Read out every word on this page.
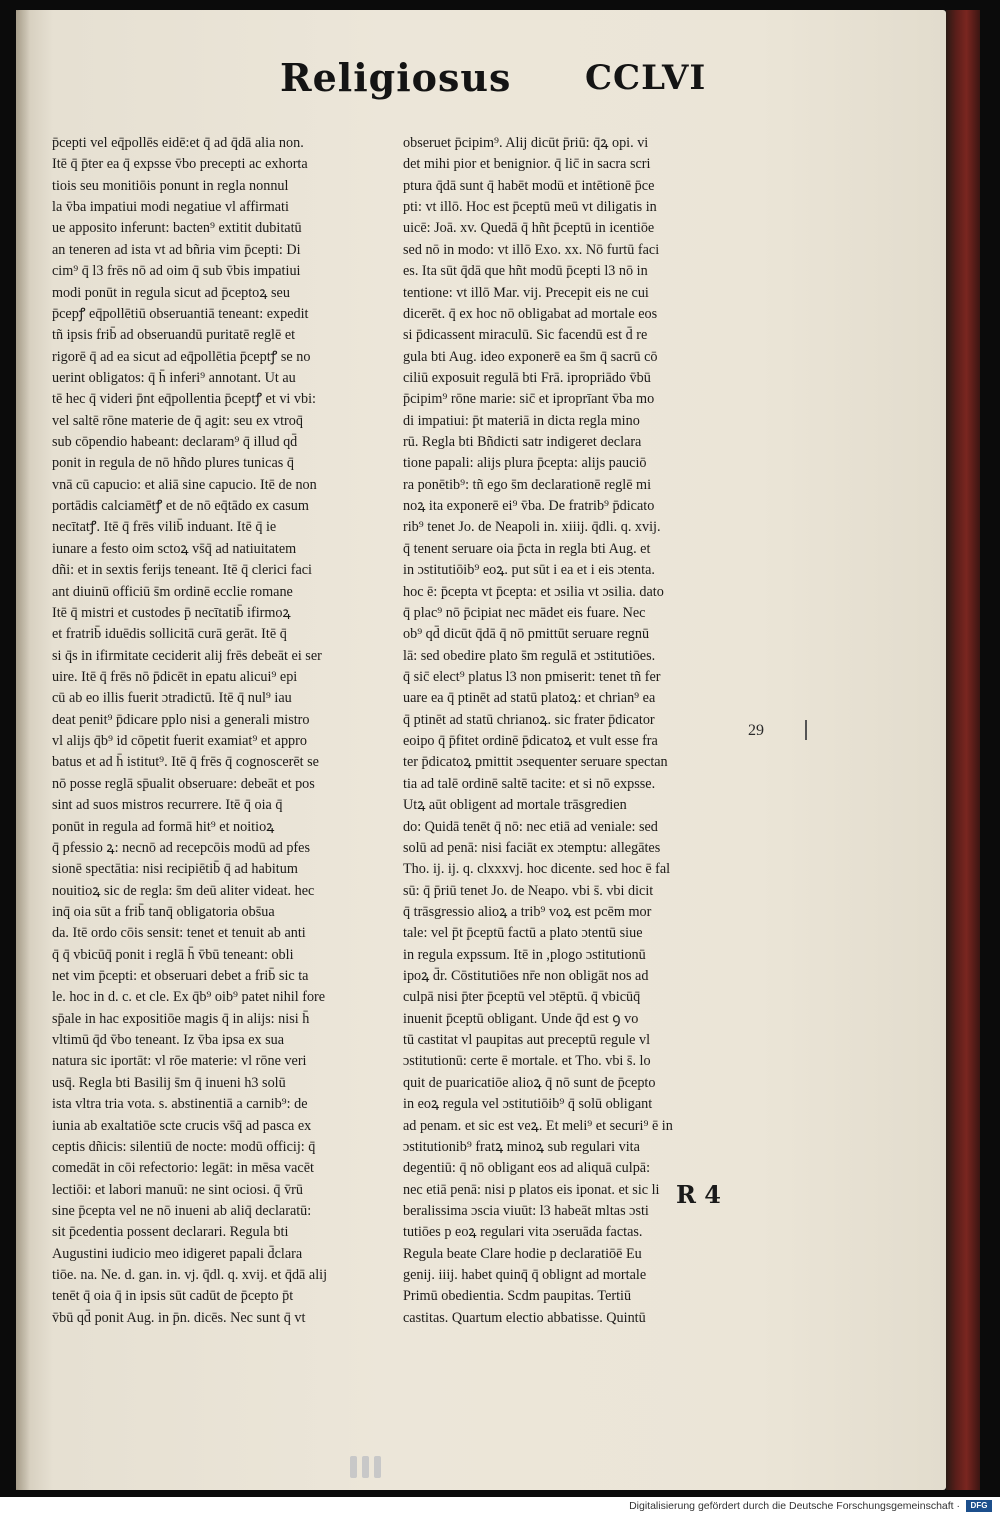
Religiosus CCLVI
p̄cepti vel eq̄pollēs eidē:et q̄ ad q̄dā alia non.
Itē q̄ p̄ter ea q̄ expsse v̄bo precepti ac exhorta
tiois seu monitiōis ponunt in regla nonnul
la v̄ba impatiui modi negatiue vl affirmati
ue apposito inferunt: bacten⁹ extitit dubitatū
an teneren ad ista vt ad bñria vim p̄cepti: Di
cim⁹ q̄ l3 frēs nō ad oim q̄ sub v̄bis impatiui
modi ponūt in regula sicut ad p̄ceptoꝝ seu
p̄cepꝭ eq̄pollētiū obseruantiā teneant: expedit
tñ ipsis frib̄ ad obseruandū puritatē reglē et
rigorē q̄ ad ea sicut ad eq̄pollētia p̄ceptꝭ se no
uerint obligatos: q̄ h̄ inferi⁹ annotant. Ut au
tē hec q̄ videri p̄nt eq̄pollentia p̄ceptꝭ et vi vbi:
vel saltē rōne materie de q̄ agit: seu ex vtroq̄
sub cōpendio habeant: declaram⁹ q̄ illud qd̄
ponit in regula de nō hñdo plures tunicas q̄
vnā cū capucio: et aliā sine capucio. Itē de non
portādis calciamētꝭ et de nō eq̄tādo ex casum
necītatꝭ. Itē q̄ frēs vilib̄ induant. Itē q̄ ie
iunare a festo oim sctoꝝ vs̄q̄ ad natiuitatem
dñi: et in sextis ferijs teneant. Itē q̄ clerici faci
ant diuinū officiū s̄m ordinē ecclie romane
Itē q̄ mistri et custodes p̄ necītatib̄ ifirmoꝝ
et fratrib̄ iduēdis sollicitā curā gerāt. Itē q̄
si q̄s in ifirmitate ceciderit alij frēs debeāt ei ser
uire. Itē q̄ frēs nō p̄dicēt in epatu alicui⁹ epi
cū ab eo illis fuerit ɔtradictū. Itē q̄ nul⁹ iau
deat penit⁹ p̄dicare pplo nisi a generali mistro
vl alijs q̄b⁹ id cōpetit fuerit examiat⁹ et appro
batus et ad h̄ istitut⁹. Itē q̄ frēs q̄ cognoscerēt se
nō posse reglā sp̄ualit obseruare: debeāt et pos
sint ad suos mistros recurrere. Itē q̄ oia q̄
ponūt in regula ad formā hit⁹ et noitioꝝ
q̄ pfessio ꝝ: necnō ad recepcōis modū ad pfes
sionē spectātia: nisi recipiētib̄ q̄ ad habitum
nouitioꝝ sic de regla: s̄m deū aliter videat. hec
inq̄ oia sūt a frib̄ tanq̄ obligatoria obs̄ua
da. Itē ordo cōis sensit: tenet et tenuit ab anti
q̄ q̄ vbicūq̄ ponit i reglā h̄ v̄bū teneant: obli
net vim p̄cepti: et obseruari debet a frib̄ sic ta
le. hoc in d. c. et cle. Ex q̄b⁹ oib⁹ patet nihil fore
sp̄ale in hac expositiōe magis q̄ in alijs: nisi h̄
vltimū q̄d v̄bo teneant. Iz v̄ba ipsa ex sua
natura sic iportāt: vl rōe materie: vl rōne veri
usq̄. Regla bti Basilij s̄m q̄ inueni h3 solū
ista vltra tria vota. s. abstinentiā a carnib⁹: de
iunia ab exaltatiōe scte crucis vs̄q̄ ad pasca ex
ceptis dñicis: silentiū de nocte: modū officij: q̄
comedāt in cōi refectorio: legāt: in mēsa vacēt
lectiōi: et labori manuū: ne sint ociosi. q̄ v̄rū
sine p̄cepta vel ne nō inueni ab aliq̄ declaratū:
sit p̄cedentia possent declarari. Regula bti
Augustini iudicio meo idigeret papali d̄clara
tiōe. na. Ne. d. gan. in. vj. q̄dl. q. xvij. et q̄dā alij
tenēt q̄ oia q̄ in ipsis sūt cadūt de p̄cepto p̄t
v̄bū qd̄ ponit Aug. in p̄n. dicēs. Nec sunt q̄ vt
obseruet p̄cipim⁹. Alij dicūt p̄riū: q̄ꝝ opi. vi
det mihi pior et benignior. q̄ lic̄ in sacra scri
ptura q̄dā sunt q̄ habēt modū et intētionē p̄ce
pti: vt illō. Hoc est p̄ceptū meū vt diligatis in
uicē: Joā. xv. Quedā q̄ hñt p̄ceptū in icentiōe
sed nō in modo: vt illō Exo. xx. Nō furtū faci
es. Ita sūt q̄dā que hñt modū p̄cepti l3 nō in
tentione: vt illō Mar. vij. Precepit eis ne cui
dicerēt. q̄ ex hoc nō obligabat ad mortale eos
si p̄dicassent miraculū. Sic facendū est d̄ re
gula bti Aug. ideo exponerē ea s̄m q̄ sacrū cō
ciliū exposuit regulā bti Frā. ipropriādo v̄bū
p̄cipim⁹ rōne marie: sic̄ et iproprīant v̄ba mo
di impatiui: p̄t materiā in dicta regla mino
rū. Regla bti Bñdicti satr indigeret declara
tione papali: alijs plura p̄cepta: alijs pauciō
ra ponētib⁹: tñ ego s̄m declarationē reglē mi
noꝝ ita exponerē ei⁹ v̄ba. De fratrib⁹ p̄dicato
rib⁹ tenet Jo. de Neapoli in. xiiij. q̄dli. q. xvij.
q̄ tenent seruare oia p̄cta in regla bti Aug. et
in ɔstitutiōib⁹ eoꝝ. put sūt i ea et i eis ɔtenta.
hoc ē: p̄cepta vt p̄cepta: et ɔsilia vt ɔsilia. dato
q̄ plac⁹ nō p̄cipiat nec mādet eis fuare. Nec
ob⁹ qd̄ dicūt q̄dā q̄ nō pmittūt seruare regnū
lā: sed obedire plato s̄m regulā et ɔstitutiōes.
q̄ sic̄ elect⁹ platus l3 non pmiserit: tenet tñ fer
uare ea q̄ ptinēt ad statū platoꝝ: et chrian⁹ ea
q̄ ptinēt ad statū chrianoꝝ. sic frater p̄dicator
eoipo q̄ p̄fitet ordinē p̄dicatoꝝ et vult esse fra
ter p̄dicatoꝝ pmittit ɔsequenter seruare spectan
tia ad talē ordinē saltē tacite: et si nō expsse.
Utꝝ aūt obligent ad mortale trāsgredien
do: Quidā tenēt q̄ nō: nec etiā ad veniale: sed
solū ad penā: nisi faciāt ex ɔtemptu: allegātes
Tho. ij. ij. q. clxxxvj. hoc dicente. sed hoc ē fal
sū: q̄ p̄riū tenet Jo. de Neapo. vbi s̄. vbi dicit
q̄ trāsgressio alioꝝ a trib⁹ voꝝ est pcēm mor
tale: vel p̄t p̄ceptū factū a plato ɔtentū siue
in regula expssum. Itē in ,plogo ɔstitutionū
ipoꝝ d̄r. Cōstitutiōes nr̄e non obligāt nos ad
culpā nisi p̄ter p̄ceptū vel ɔtēptū. q̄ vbicūq̄
inuenit p̄ceptū obligant. Unde q̄d est ꝯ vo
tū castitat vl paupitas aut preceptū regule vl
ɔstitutionū: certe ē mortale. et Tho. vbi s̄. lo
quit de puaricatiōe alioꝝ q̄ nō sunt de p̄cepto
in eoꝝ regula vel ɔstitutiōib⁹ q̄ solū obligant
ad penam. et sic est veꝝ. Et meli⁹ et securi⁹ ē in
ɔstitutionib⁹ fratꝝ minoꝝ sub regulari vita
degentiū: q̄ nō obligant eos ad aliquā culpā:
nec etiā penā: nisi p platos eis iponat. et sic li
beralissima ɔscia viuūt: l3 habeāt mltas ɔsti
tutiōes p eoꝝ regulari vita ɔseruāda factas.
Regula beate Clare hodie p declaratiōē Eu
genij. iiij. habet quinq̄ q̄ oblignt ad mortale
Primū obedientia. Scdm paupitas. Tertiū
castitas. Quartum electio abbatisse. Quintū
29
R 4
Digitalisierung gefördert durch die Deutsche Forschungsgemeinschaft ·	DFG
